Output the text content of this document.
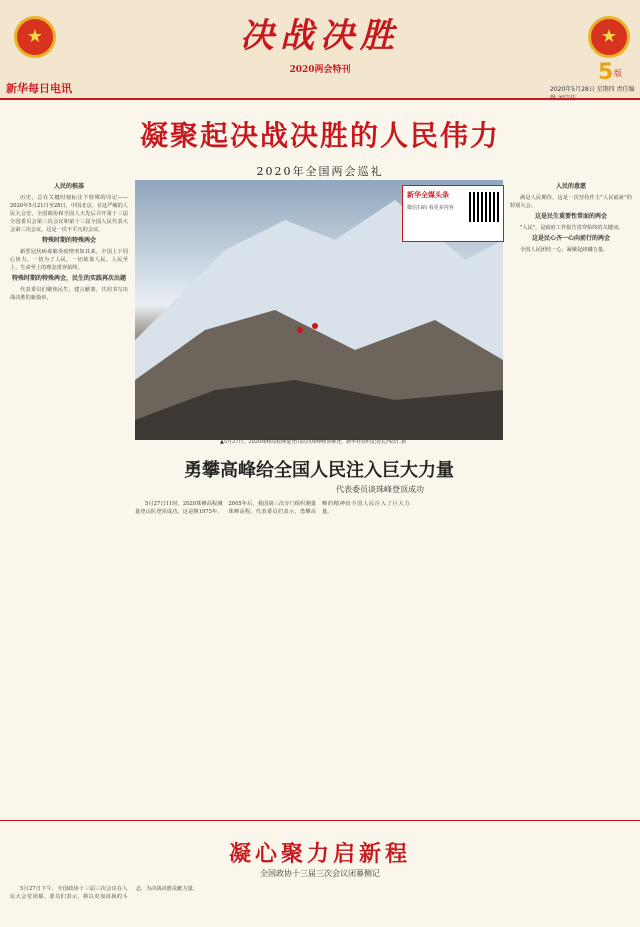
★	★
决战决胜
2020两会特刊
新华每日电讯
5 版
2020年5月28日 星期四 责任编
凝聚起决战决胜的人民伟力
2020年全国两会巡礼
人民的根基

历史，总在关键时刻标注下特殊的印记——2020年5月21日至28日，中国北京。在这严峻的人民大会堂，全国政协和全国人大先后召开第十三届全国委员会第三次会议和第十三届全国人民代表大会第三次会议。这是一次不平凡的会议。

特殊时期的特殊两会

新型冠状病毒肺炎疫情突如其来，全国上下同心协力，一切为了人民，一切依靠人民。人民至上、生命至上的理念贯穿始终。

特殊时期的特殊两会，民生的实践再次出题

代表委员们聚焦民生，建言献策，共同书写决战决胜的新篇章。

新华全媒头条
微信扫码 看更多内容
▲5月27日，2020珠峰高程测量登山队向珠峰峰顶攀登。新华社特约记者扎西次仁摄
勇攀高峰给全国人民注入巨大力量
代表委员谈珠峰登顶成功

5月27日11时，2020珠峰高程测量登山队登顶成功。这是继1975年、2005年后，我国第三次专门组织测量珠峰高程。代表委员们表示，勇攀高峰的精神给全国人民注入了巨大力量。

人民的意愿

满是人民期待，这是一次坚持作主"人民福祉"的特别大会。

这是民生重要性常面的两会

"人民"，是政府工作报告贯穿始终的关键词。

这是民心齐一心向前行的两会

全国人民团结一心，凝聚起磅礴力量。

凝心聚力启新程
全国政协十三届三次会议闭幕侧记

5月27日下午，全国政协十三届三次会议在人民大会堂闭幕。委员们表示，将以更加昂扬的斗志，为决战决胜贡献力量。
